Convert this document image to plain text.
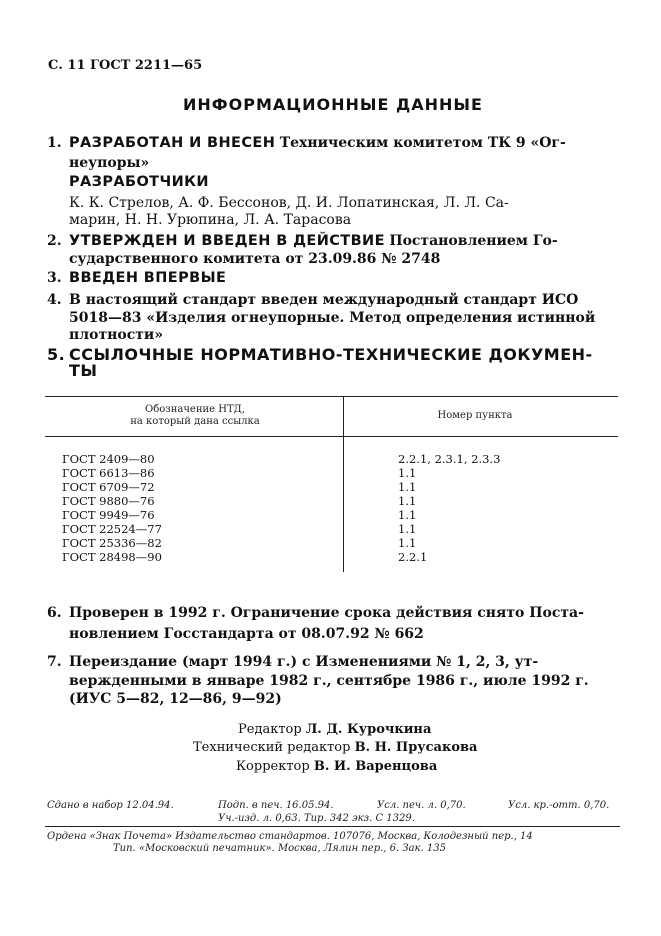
С. 11 ГОСТ 2211—65
ИНФОРМАЦИОННЫЕ ДАННЫЕ
1. РАЗРАБОТАН И ВНЕСЕН Техническим комитетом ТК 9 «Ог-
неупоры»
РАЗРАБОТЧИКИ
К. К. Стрелов, А. Ф. Бессонов, Д. И. Лопатинская, Л. Л. Са-
марин, Н. Н. Урюпина, Л. А. Тарасова
2. УТВЕРЖДЕН И ВВЕДЕН В ДЕЙСТВИЕ Постановлением Го-
сударственного комитета от 23.09.86 № 2748
3. ВВЕДЕН ВПЕРВЫЕ
4. В настоящий стандарт введен международный стандарт ИСО
5018—83 «Изделия огнеупорные. Метод определения истинной
плотности»
5. ССЫЛОЧНЫЕ НОРМАТИВНО-ТЕХНИЧЕСКИЕ ДОКУМЕН-
ТЫ
Обозначение НТД,
на который дана ссылка
Номер пункта
ГОСТ 2409—80	2.2.1, 2.3.1, 2.3.3
ГОСТ 6613—86	1.1
ГОСТ 6709—72	1.1
ГОСТ 9880—76	1.1
ГОСТ 9949—76	1.1
ГОСТ 22524—77	1.1
ГОСТ 25336—82	1.1
ГОСТ 28498—90	2.2.1
6. Проверен в 1992 г. Ограничение срока действия снято Поста-
новлением Госстандарта от 08.07.92 № 662
7. Переиздание (март 1994 г.) с Изменениями № 1, 2, 3, ут-
вержденными в январе 1982 г., сентябре 1986 г., июле 1992 г.
(ИУС 5—82, 12—86, 9—92)
Редактор Л. Д. Курочкина
Технический редактор В. Н. Прусакова
Корректор В. И. Варенцова
Сдано в набор 12.04.94.	Подп. в печ. 16.05.94.	Усл. печ. л. 0,70.	Усл. кр.-отт. 0,70.
Уч.-изд. л. 0,63. Тир. 342 экз. С 1329.
Ордена «Знак Почета» Издательство стандартов. 107076, Москва, Колодезный пер., 14
Тип. «Московский печатник». Москва, Лялин пер., 6. Зак. 135
